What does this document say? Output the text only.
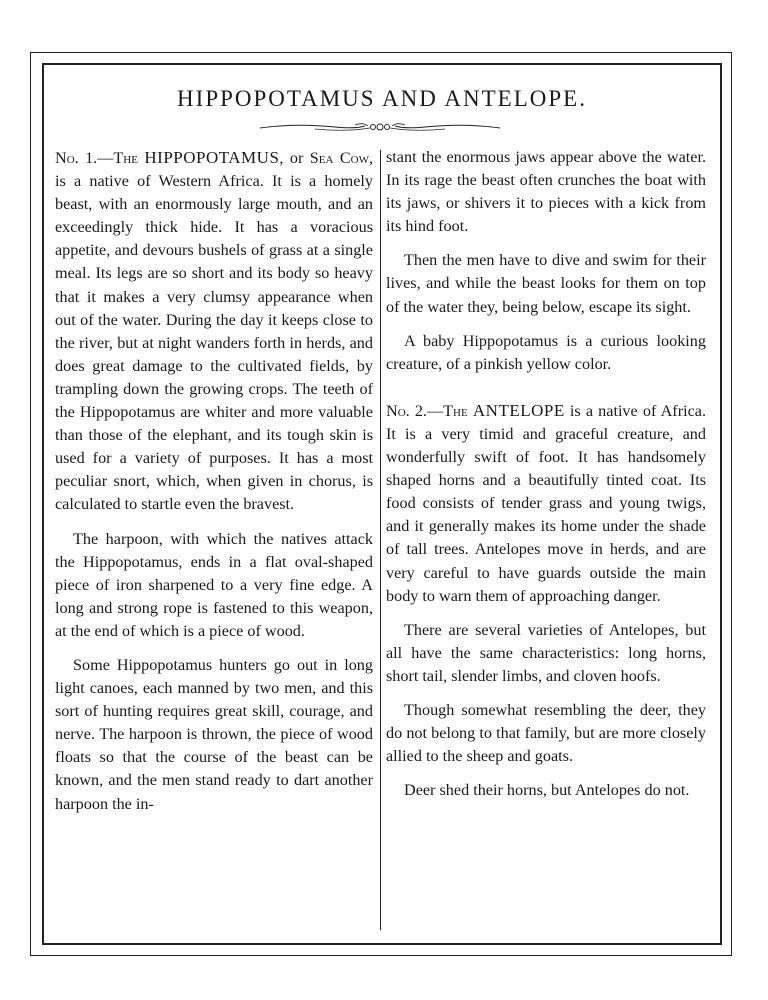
HIPPOPOTAMUS AND ANTELOPE.

No. 1.—The HIPPOPOTAMUS, or Sea Cow, is a native of Western Africa. It is a homely beast, with an enormously large mouth, and an exceedingly thick hide. It has a voracious appetite, and devours bushels of grass at a single meal. Its legs are so short and its body so heavy that it makes a very clumsy appearance when out of the water. During the day it keeps close to the river, but at night wanders forth in herds, and does great damage to the cultivated fields, by trampling down the growing crops. The teeth of the Hippopotamus are whiter and more valuable than those of the elephant, and its tough skin is used for a variety of purposes. It has a most peculiar snort, which, when given in chorus, is calculated to startle even the bravest.

The harpoon, with which the natives attack the Hippopotamus, ends in a flat oval-shaped piece of iron sharpened to a very fine edge. A long and strong rope is fastened to this weapon, at the end of which is a piece of wood.

Some Hippopotamus hunters go out in long light canoes, each manned by two men, and this sort of hunting requires great skill, courage, and nerve. The harpoon is thrown, the piece of wood floats so that the course of the beast can be known, and the men stand ready to dart another harpoon the in-

stant the enormous jaws appear above the water. In its rage the beast often crunches the boat with its jaws, or shivers it to pieces with a kick from its hind foot.

Then the men have to dive and swim for their lives, and while the beast looks for them on top of the water they, being below, escape its sight.

A baby Hippopotamus is a curious looking creature, of a pinkish yellow color.

No. 2.—The ANTELOPE is a native of Africa. It is a very timid and graceful creature, and wonderfully swift of foot. It has handsomely shaped horns and a beautifully tinted coat. Its food consists of tender grass and young twigs, and it generally makes its home under the shade of tall trees. Antelopes move in herds, and are very careful to have guards outside the main body to warn them of approaching danger.

There are several varieties of Antelopes, but all have the same characteristics: long horns, short tail, slender limbs, and cloven hoofs.

Though somewhat resembling the deer, they do not belong to that family, but are more closely allied to the sheep and goats.

Deer shed their horns, but Antelopes do not.
